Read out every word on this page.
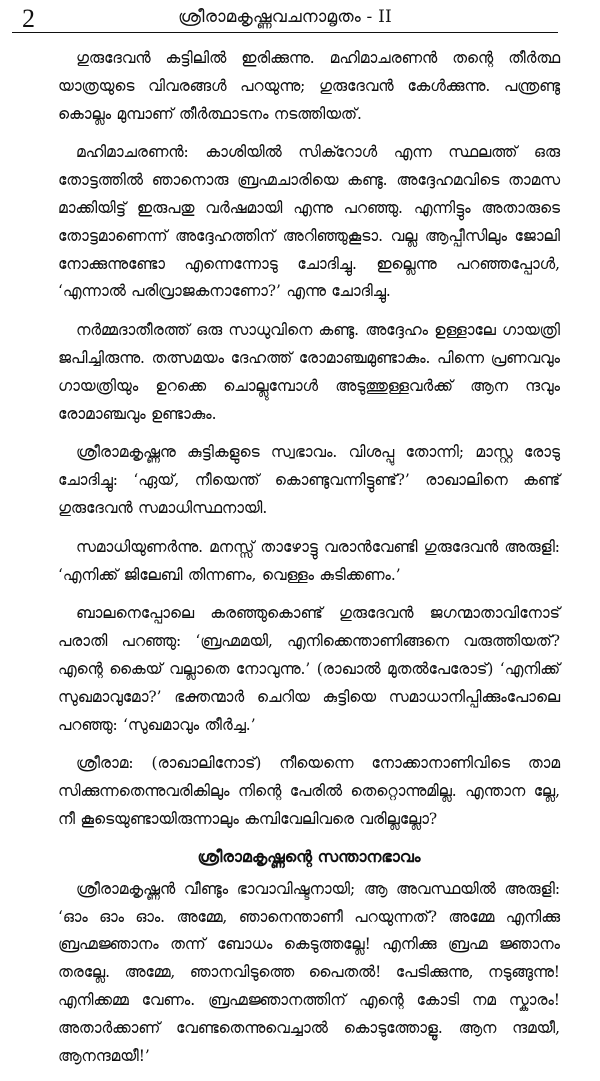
2	ശ്രീരാമകൃഷ്ണവചനാമൃതം - II

ഗുരുദേവൻ കട്ടിലിൽ ഇരിക്കുന്നു. മഹിമാചരണൻ തന്റെ തീർത്ഥ യാത്രയുടെ വിവരങ്ങൾ പറയുന്നു; ഗുരുദേവൻ കേൾക്കുന്നു. പന്ത്രണ്ടു കൊല്ലം മുമ്പാണ് തീർത്ഥാടനം നടത്തിയത്.

മഹിമാചരണൻ: കാശിയിൽ സിക്റോൾ എന്ന സ്ഥലത്ത് ഒരു തോട്ടത്തിൽ ഞാനൊരു ബ്രഹ്മചാരിയെ കണ്ടു. അദ്ദേഹമവിടെ താമസ മാക്കിയിട്ട് ഇരുപതു വർഷമായി എന്നു പറഞ്ഞു. എന്നിട്ടും അതാരുടെ തോട്ടമാണെന്ന് അദ്ദേഹത്തിന് അറിഞ്ഞുകൂടാ. വല്ല ആപ്പീസിലും ജോലി നോക്കുന്നുണ്ടോ എന്നെന്നോടു ചോദിച്ചു. ഇല്ലെന്നു പറഞ്ഞപ്പോൾ, ‘എന്നാൽ പരിവ്രാജകനാണോ?’ എന്നു ചോദിച്ചു.

നർമ്മദാതീരത്ത് ഒരു സാധുവിനെ കണ്ടു. അദ്ദേഹം ഉള്ളാലേ ഗായത്രി ജപിച്ചിരുന്നു. തത്സമയം ദേഹത്ത് രോമാഞ്ചമുണ്ടാകും. പിന്നെ പ്രണവവും ഗായത്രിയും ഉറക്കെ ചൊല്ലുമ്പോൾ അടുത്തുള്ളവർക്ക് ആന ന്ദവും രോമാഞ്ചവും ഉണ്ടാകും.

ശ്രീരാമകൃഷ്ണനു കുട്ടികളുടെ സ്വഭാവം. വിശപ്പു തോന്നി; മാസ്റ്റ രോടു ചോദിച്ചു: ‘ഏയ്, നീയെന്ത് കൊണ്ടുവന്നിട്ടുണ്ട്?’ രാഖാലിനെ കണ്ട് ഗുരുദേവൻ സമാധിസ്ഥനായി.

സമാധിയുണർന്നു. മനസ്സ് താഴോട്ടു വരാൻവേണ്ടി ഗുരുദേവൻ അരുളി: ‘എനിക്ക് ജിലേബി തിന്നണം, വെള്ളം കുടിക്കണം.’

ബാലനെപ്പോലെ കരഞ്ഞുകൊണ്ട് ഗുരുദേവൻ ജഗന്മാതാവിനോട് പരാതി പറഞ്ഞു: ‘ബ്രഹ്മമയി, എനിക്കെന്താണിങ്ങനെ വരുത്തിയത്? എന്റെ കൈയ് വല്ലാതെ നോവുന്നു.’ (രാഖാൽ മുതൽപേരോട്) ‘എനിക്ക് സുഖമാവുമോ?’ ഭക്തന്മാർ ചെറിയ കുട്ടിയെ സമാധാനിപ്പിക്കുംപോലെ പറഞ്ഞു: ‘സുഖമാവും തീർച്ച.’

ശ്രീരാമ: (രാഖാലിനോട്) നീയെന്നെ നോക്കാനാണിവിടെ താമ സിക്കുന്നതെന്നുവരികിലും നിന്റെ പേരിൽ തെറ്റൊന്നുമില്ല. എന്താന ല്ലേ, നീ കൂടെയുണ്ടായിരുന്നാലും കമ്പിവേലിവരെ വരില്ലല്ലോ?

ശ്രീരാമകൃഷ്ണന്റെ സന്താനഭാവം

ശ്രീരാമകൃഷ്ണൻ വീണ്ടും ഭാവാവിഷ്ടനായി; ആ അവസ്ഥയിൽ അരുളി: ‘ഓം ഓം ഓം. അമ്മേ, ഞാനെന്താണീ പറയുന്നത്? അമ്മേ എനിക്കു ബ്രഹ്മജ്ഞാനം തന്ന് ബോധം കെടുത്തല്ലേ! എനിക്കു ബ്രഹ്മ ജ്ഞാനം തരല്ലേ. അമ്മേ, ഞാനവിടുത്തെ പൈതൽ! പേടിക്കുന്നു, നടുങ്ങുന്നു! എനിക്കമ്മ വേണം. ബ്രഹ്മജ്ഞാനത്തിന് എന്റെ കോടി നമ സ്കാരം! അതാർക്കാണ് വേണ്ടതെന്നുവെച്ചാൽ കൊടുത്തോളൂ. ആന ന്ദമയീ, ആനന്ദമയീ!’
